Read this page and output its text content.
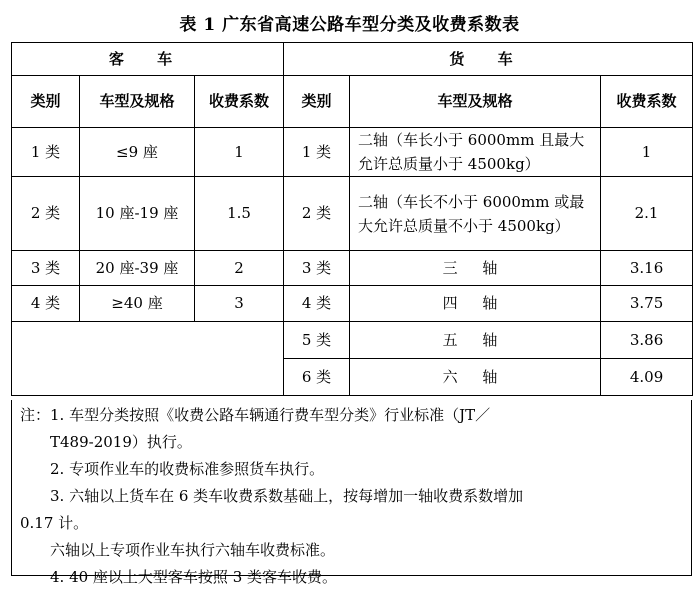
表 1 广东省高速公路车型分类及收费系数表
客 车			货 车		
类别	车型及规格	收费系数	类别	车型及规格	收费系数
1 类	≤9 座	1	1 类	二轴（车长小于 6000mm 且最大允许总质量小于 4500kg）	1
2 类	10 座-19 座	1.5	2 类	二轴（车长不小于 6000mm 或最大允许总质量不小于 4500kg）	2.1
3 类	20 座-39 座	2	3 类	三 轴	3.16
4 类	≥40 座	3	4 类	四 轴	3.75
			5 类	五 轴	3.86
			6 类	六 轴	4.09

注：1. 车型分类按照《收费公路车辆通行费车型分类》行业标准（JT／

T489-2019）执行。

2. 专项作业车的收费标准参照货车执行。

3. 六轴以上货车在 6 类车收费系数基础上，按每增加一轴收费系数增加

0.17 计。

六轴以上专项作业车执行六轴车收费标准。

4. 40 座以上大型客车按照 3 类客车收费。
